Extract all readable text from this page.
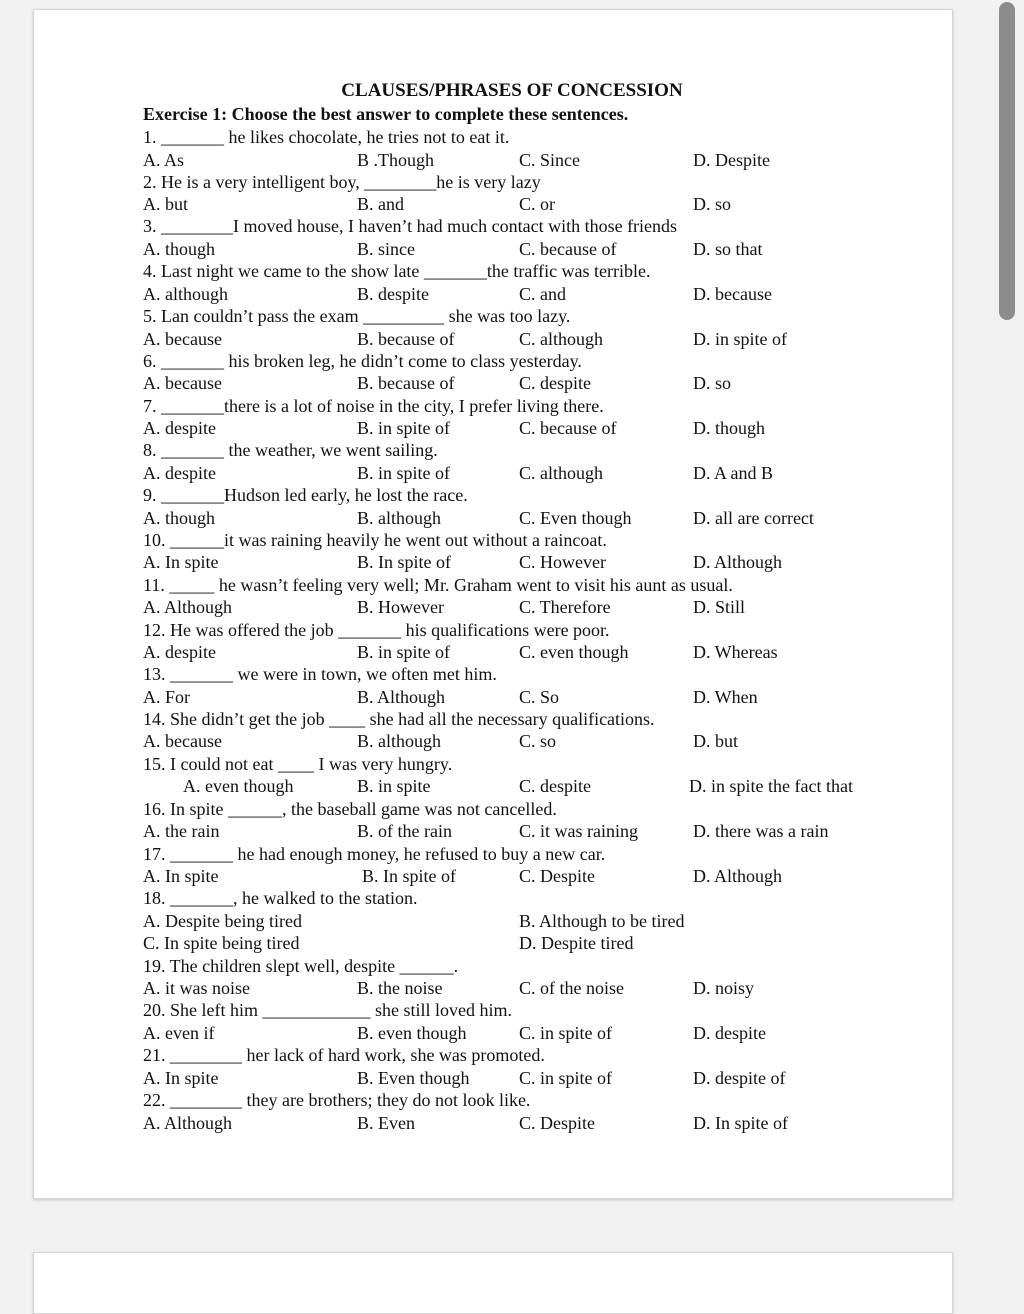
CLAUSES/PHRASES OF CONCESSION
Exercise 1: Choose the best answer to complete these sentences.
1. _______ he likes chocolate, he tries not to eat it.
A. As	B .Though	C. Since	D. Despite
2. He is a very intelligent boy, ________he is very lazy
A. but	B. and	C. or	D. so
3. ________I moved house, I haven’t had much contact with those friends
A. though	B. since	C. because of	D. so that
4. Last night we came to the show late _______the traffic was terrible.
A. although	B. despite	C. and	D. because
5. Lan couldn’t pass the exam _________ she was too lazy.
A. because	B. because of	C. although	D. in spite of
6. _______ his broken leg, he didn’t come to class yesterday.
A. because	B. because of	C. despite	D. so
7. _______there is a lot of noise in the city, I prefer living there.
A. despite	B. in spite of	C. because of	D. though
8. _______ the weather, we went sailing.
A. despite	B. in spite of	C. although	D. A and B
9. _______Hudson led early, he lost the race.
A. though	B. although	C. Even though	D. all are correct
10. ______it was raining heavily he went out without a raincoat.
A. In spite	B. In spite of	C. However	D. Although
11. _____ he wasn’t feeling very well; Mr. Graham went to visit his aunt as usual.
A. Although	B. However	C. Therefore	D. Still
12. He was offered the job _______ his qualifications were poor.
A. despite	B. in spite of	C. even though	D. Whereas
13. _______ we were in town, we often met him.
A. For	B. Although	C. So	D. When
14. She didn’t get the job ____ she had all the necessary qualifications.
A. because	B. although	C. so	D. but
15. I could not eat ____ I was very hungry.
A. even though	B. in spite	C. despite	D. in spite the fact that
16. In spite ______, the baseball game was not cancelled.
A. the rain	B. of the rain	C. it was raining	D. there was a rain
17. _______ he had enough money, he refused to buy a new car.
A. In spite	B. In spite of	C. Despite	D. Although
18. _______, he walked to the station.
A. Despite being tired	B. Although to be tired
C. In spite being tired	D. Despite tired
19. The children slept well, despite ______.
A. it was noise	B. the noise	C. of the noise	D. noisy
20. She left him ____________ she still loved him.
A. even if	B. even though	C. in spite of	D. despite
21. ________ her lack of hard work, she was promoted.
A. In spite	B. Even though	C. in spite of	D. despite of
22. ________ they are brothers; they do not look like.
A. Although	B. Even	C. Despite	D. In spite of
